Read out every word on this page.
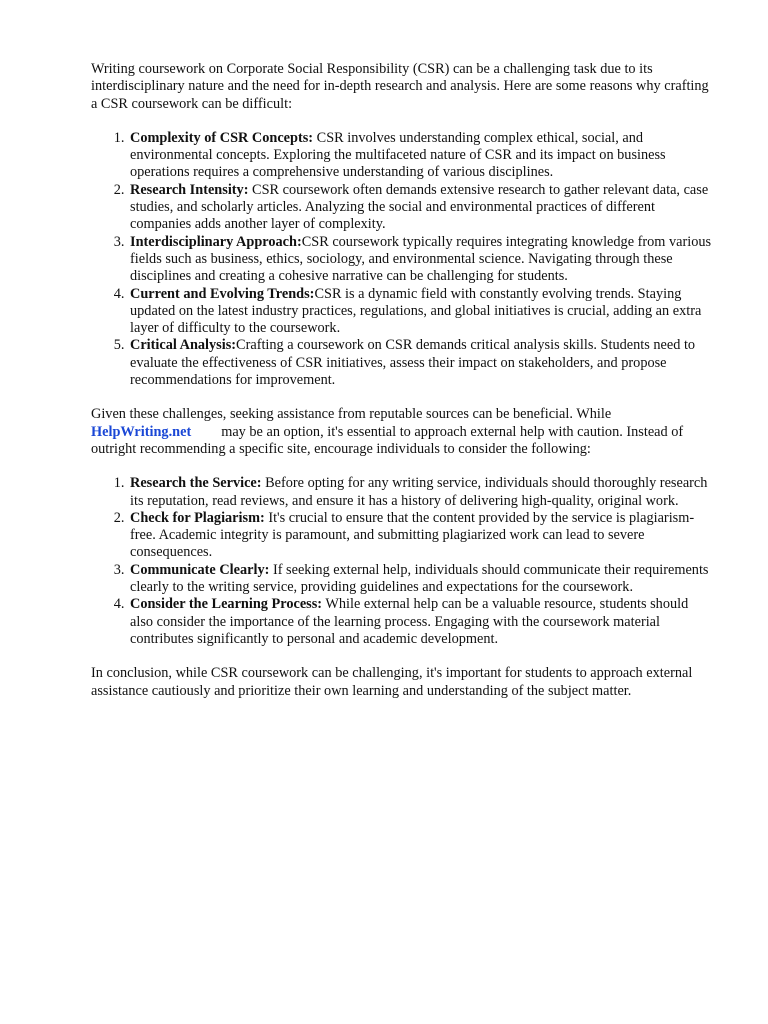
Writing coursework on Corporate Social Responsibility (CSR) can be a challenging task due to its interdisciplinary nature and the need for in-depth research and analysis. Here are some reasons why crafting a CSR coursework can be difficult:

1. Complexity of CSR Concepts: CSR involves understanding complex ethical, social, and environmental concepts. Exploring the multifaceted nature of CSR and its impact on business operations requires a comprehensive understanding of various disciplines.
2. Research Intensity: CSR coursework often demands extensive research to gather relevant data, case studies, and scholarly articles. Analyzing the social and environmental practices of different companies adds another layer of complexity.
3. Interdisciplinary Approach:CSR coursework typically requires integrating knowledge from various fields such as business, ethics, sociology, and environmental science. Navigating through these disciplines and creating a cohesive narrative can be challenging for students.
4. Current and Evolving Trends:CSR is a dynamic field with constantly evolving trends. Staying updated on the latest industry practices, regulations, and global initiatives is crucial, adding an extra layer of difficulty to the coursework.
5. Critical Analysis:Crafting a coursework on CSR demands critical analysis skills. Students need to evaluate the effectiveness of CSR initiatives, assess their impact on stakeholders, and propose recommendations for improvement.

Given these challenges, seeking assistance from reputable sources can be beneficial. While HelpWriting.net may be an option, it's essential to approach external help with caution. Instead of outright recommending a specific site, encourage individuals to consider the following:

1. Research the Service: Before opting for any writing service, individuals should thoroughly research its reputation, read reviews, and ensure it has a history of delivering high-quality, original work.
2. Check for Plagiarism: It's crucial to ensure that the content provided by the service is plagiarism-free. Academic integrity is paramount, and submitting plagiarized work can lead to severe consequences.
3. Communicate Clearly: If seeking external help, individuals should communicate their requirements clearly to the writing service, providing guidelines and expectations for the coursework.
4. Consider the Learning Process: While external help can be a valuable resource, students should also consider the importance of the learning process. Engaging with the coursework material contributes significantly to personal and academic development.

In conclusion, while CSR coursework can be challenging, it's important for students to approach external assistance cautiously and prioritize their own learning and understanding of the subject matter.
